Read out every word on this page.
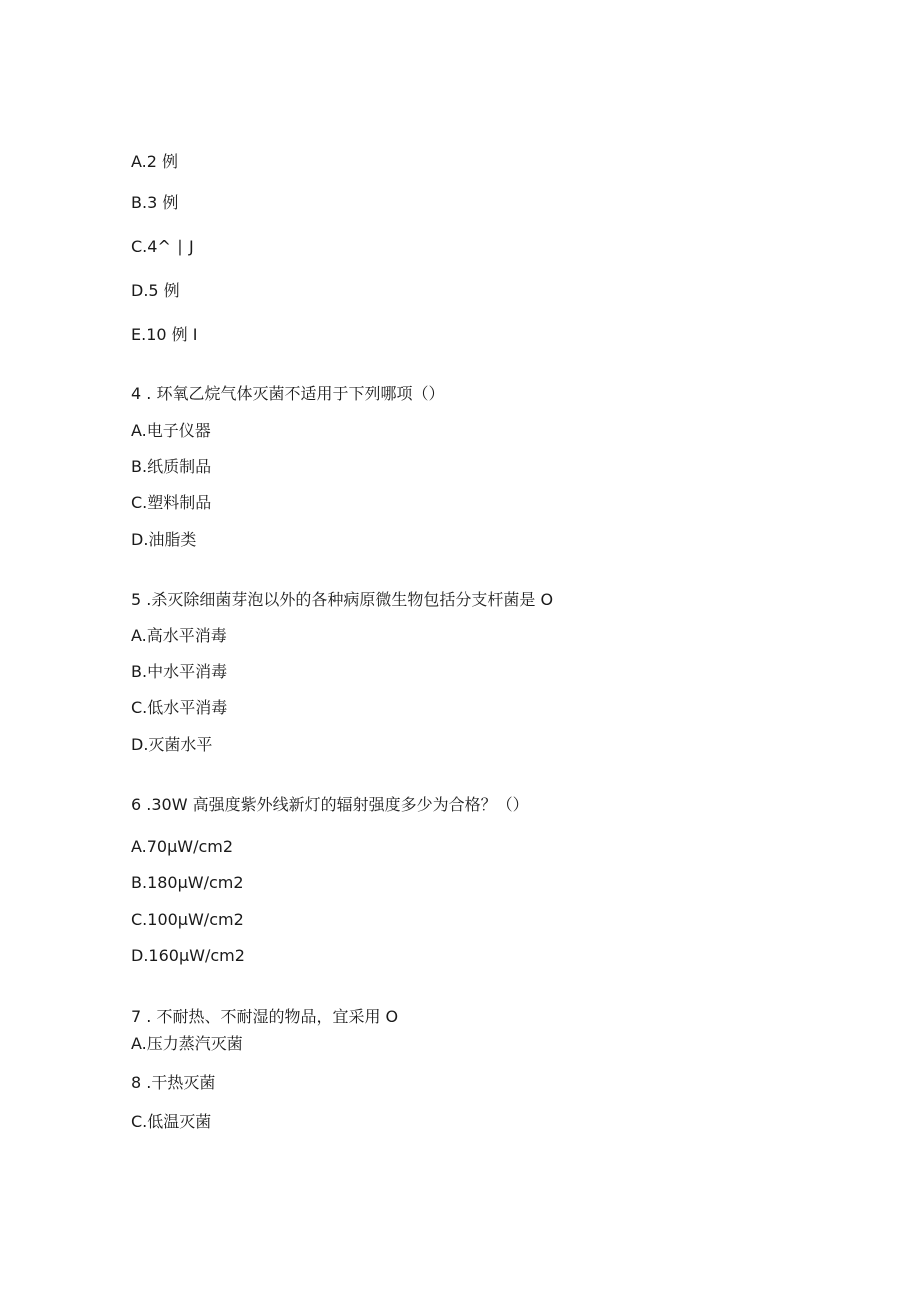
A.2 例
B.3 例
C.4^ ∣ J
D.5 例
E.10 例 I
4 . 环氧乙烷气体灭菌不适用于下列哪项（）
A.电子仪器
B.纸质制品
C.塑料制品
D.油脂类
5 .杀灭除细菌芽泡以外的各种病原微生物包括分支杆菌是 O
A.高水平消毒
B.中水平消毒
C.低水平消毒
D.灭菌水平
6 .30W 高强度紫外线新灯的辐射强度多少为合格？（）
A.70μW∕cm2
B.180μW∕cm2
C.100μW∕cm2
D.160μW∕cm2
7 . 不耐热、不耐湿的物品，宜采用 O
A.压力蒸汽灭菌
8 .干热灭菌
C.低温灭菌
